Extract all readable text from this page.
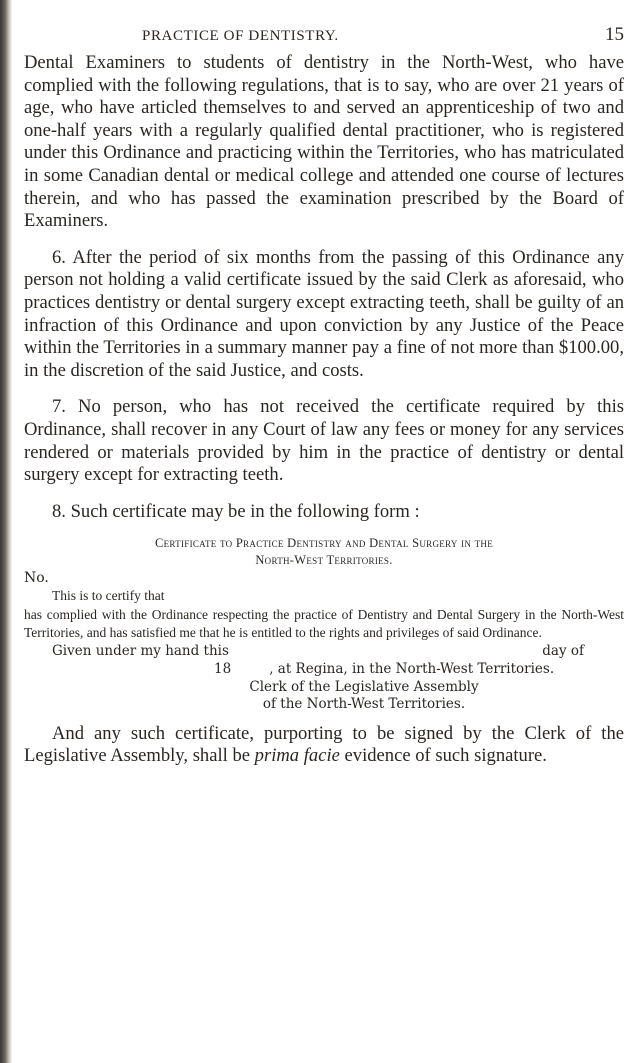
PRACTICE OF DENTISTRY.	15

Dental Examiners to students of dentistry in the North-West, who have complied with the following regulations, that is to say, who are over 21 years of age, who have articled themselves to and served an apprenticeship of two and one-half years with a regularly qualified dental practitioner, who is registered under this Ordinance and practicing within the Territories, who has matriculated in some Canadian dental or medical college and attended one course of lectures therein, and who has passed the examination prescribed by the Board of Examiners.

6. After the period of six months from the passing of this Ordinance any person not holding a valid certificate issued by the said Clerk as aforesaid, who practices dentistry or dental surgery except extracting teeth, shall be guilty of an infraction of this Ordinance and upon conviction by any Justice of the Peace within the Territories in a summary manner pay a fine of not more than $100.00, in the discretion of the said Justice, and costs.

7. No person, who has not received the certificate required by this Ordinance, shall recover in any Court of law any fees or money for any services rendered or materials provided by him in the practice of dentistry or dental surgery except for extracting teeth.

8. Such certificate may be in the following form :

Certificate to Practice Dentistry and Dental Surgery in the
North-West Territories.

No.

This is to certify that

has complied with the Ordinance respecting the practice of Dentistry and Dental Surgery in the North-West Territories, and has satisfied me that he is entitled to the rights and privileges of said Ordinance.

Given under my hand this	day of
18	, at Regina, in the North-West Territories.
Clerk of the Legislative Assembly
of the North-West Territories.

And any such certificate, purporting to be signed by the Clerk of the Legislative Assembly, shall be prima facie evidence of such signature.
